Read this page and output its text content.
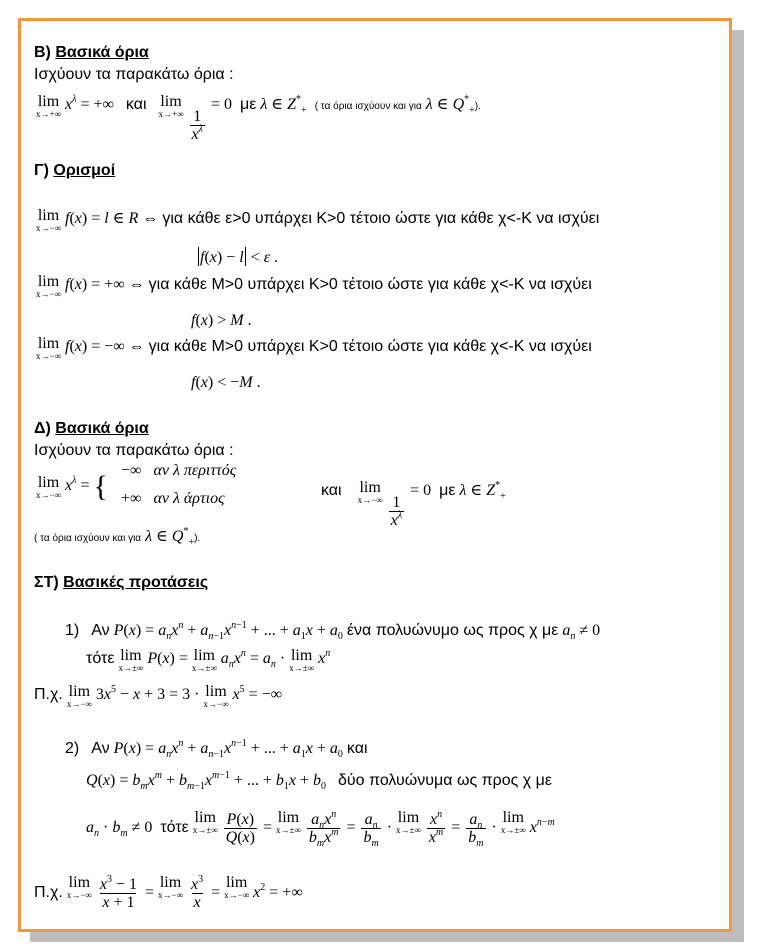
Β) Βασικά όρια
Ισχύουν τα παρακάτω όρια :
lim
x→+∞
$x^\lambda$ = +∞   και lim
x→+∞
$\frac{1}{x^\lambda}$
= 0  με λ ∈ $Z^*_+$ ( τα όρια ισχύουν και για λ ∈ $Q^*_+$).
Γ) Ορισμοί
lim
x→−∞
f(x) = l ∈ R ⇔ για κάθε ε>0 υπάρχει Κ>0 τέτοιο ώστε για κάθε χ<-Κ να ισχύει
f(x) − l < ε .
lim
x→−∞
f(x) = +∞ ⇔ για κάθε Μ>0 υπάρχει Κ>0 τέτοιο ώστε για κάθε χ<-Κ να ισχύει
f(x) > M .
lim
x→−∞
f(x) = −∞ ⇔ για κάθε Μ>0 υπάρχει Κ>0 τέτοιο ώστε για κάθε χ<-Κ να ισχύει
f(x) < −M .
Δ) Βασικά όρια
Ισχύουν τα παρακάτω όρια :
lim
x→−∞
$x^\lambda$ = { −∞   αν λ περιττός
+∞   αν λ άρτιος	και lim
x→−∞
$\frac{1}{x^\lambda}$
= 0  με λ ∈ $Z^*_+$
( τα όρια ισχύουν και για λ ∈ $Q^*_+$).
ΣΤ) Βασικές προτάσεις
1) Αν $P(x) = a_nx^n + a_{n-1}x^{n-1}$ + ... + $a_1x + a_0$ ένα πολυώνυμο ως προς χ με $a_n \ne 0$
τότε lim
x→±∞
P(x) = lim
x→±∞
$a_nx^n = a_n \cdot \lim$
x→±∞
$x^n$
Π.χ. lim
x→−∞
$3x^5 - x + 3 = 3 \cdot \lim$
x→−∞
$x^5$ = −∞
2) Αν $P(x) = a_nx^n + a_{n-1}x^{n-1}$ + ... + $a_1x + a_0$ και
$Q(x) = b_mx^m + b_{m-1}x^{m-1}$ + ... + $b_1x + b_0$ δύο πολυώνυμα ως προς χ με
$a_n \cdot b_m \ne 0$  τότε
lim
x→±∞
$\frac{P(x)}{Q(x)}$ =
lim
x→±∞
$\frac{a_nx^n}{b_mx^m} = \frac{a_n}{b_m}$ ·
lim
x→±∞
$\frac{x^n}{x^m} = \frac{a_n}{b_m}$ ·
lim
x→±∞ $x^{n-m}$
Π.χ.
lim
x→−∞
$\frac{x^3 - 1}{x + 1}$ =
lim
x→−∞
$\frac{x^3}{x}$ =
lim
x→−∞ $x^2$ = +∞
